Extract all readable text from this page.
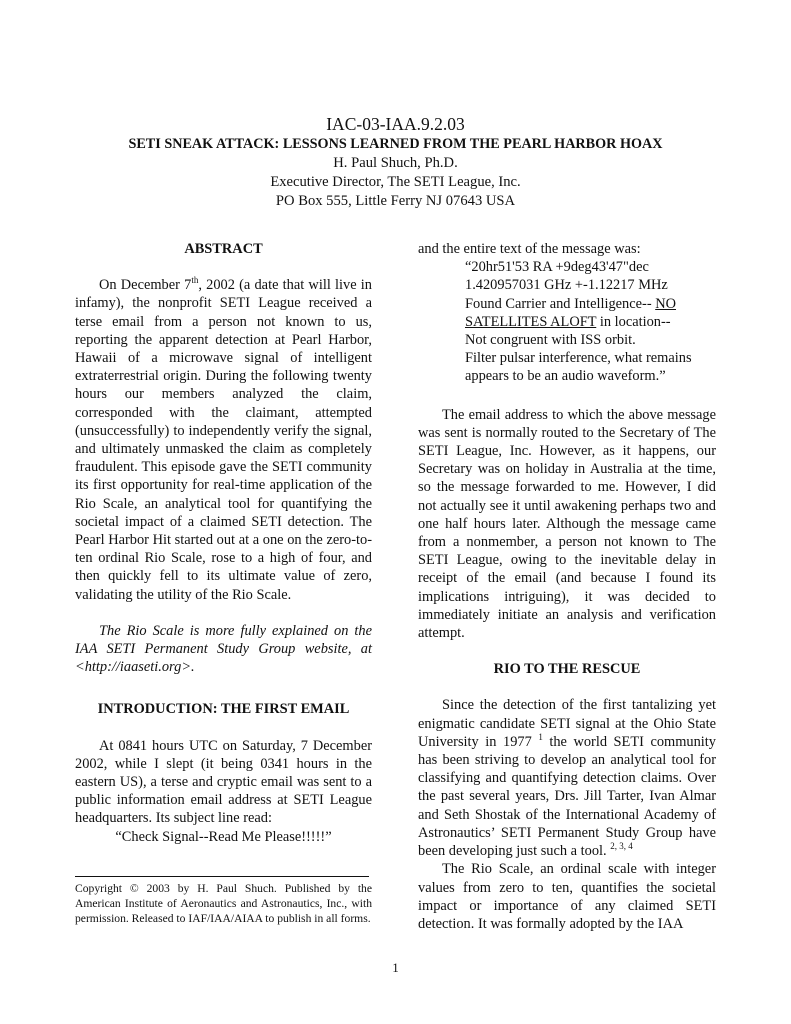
IAC-03-IAA.9.2.03
SETI SNEAK ATTACK: LESSONS LEARNED FROM THE PEARL HARBOR HOAX
H. Paul Shuch, Ph.D.
Executive Director, The SETI League, Inc.
PO Box 555, Little Ferry NJ 07643 USA

ABSTRACT

On December 7th, 2002 (a date that will live in infamy), the nonprofit SETI League received a terse email from a person not known to us, reporting the apparent detection at Pearl Harbor, Hawaii of a microwave signal of intelligent extraterrestrial origin. During the following twenty hours our members analyzed the claim, corresponded with the claimant, attempted (unsuccessfully) to independently verify the signal, and ultimately unmasked the claim as completely fraudulent. This episode gave the SETI community its first opportunity for real-time application of the Rio Scale, an analytical tool for quantifying the societal impact of a claimed SETI detection. The Pearl Harbor Hit started out at a one on the zero-to-ten ordinal Rio Scale, rose to a high of four, and then quickly fell to its ultimate value of zero, validating the utility of the Rio Scale.

The Rio Scale is more fully explained on the IAA SETI Permanent Study Group website, at <http://iaaseti.org>.

INTRODUCTION: THE FIRST EMAIL

At 0841 hours UTC on Saturday, 7 December 2002, while I slept (it being 0341 hours in the eastern US), a terse and cryptic email was sent to a public information email address at SETI League headquarters. Its subject line read:

“Check Signal--Read Me Please!!!!!”

Copyright © 2003 by H. Paul Shuch. Published by the American Institute of Aeronautics and Astronautics, Inc., with permission. Released to IAF/IAA/AIAA to publish in all forms.

and the entire text of the message was:

“20hr51'53 RA +9deg43'47"dec
1.420957031 GHz +-1.12217 MHz
Found Carrier and Intelligence-- NO
SATELLITES ALOFT in location--
Not congruent with ISS orbit.
Filter pulsar interference, what remains
appears to be an audio waveform.”

The email address to which the above message was sent is normally routed to the Secretary of The SETI League, Inc. However, as it happens, our Secretary was on holiday in Australia at the time, so the message forwarded to me. However, I did not actually see it until awakening perhaps two and one half hours later. Although the message came from a nonmember, a person not known to The SETI League, owing to the inevitable delay in receipt of the email (and because I found its implications intriguing), it was decided to immediately initiate an analysis and verification attempt.

RIO TO THE RESCUE

Since the detection of the first tantalizing yet enigmatic candidate SETI signal at the Ohio State University in 1977 $^1$ the world SETI community has been striving to develop an analytical tool for classifying and quantifying detection claims. Over the past several years, Drs. Jill Tarter, Ivan Almar and Seth Shostak of the International Academy of Astronautics’ SETI Permanent Study Group have been developing just such a tool. $^{2, 3, 4}$

The Rio Scale, an ordinal scale with integer values from zero to ten, quantifies the societal impact or importance of any claimed SETI detection. It was formally adopted by the IAA

1
